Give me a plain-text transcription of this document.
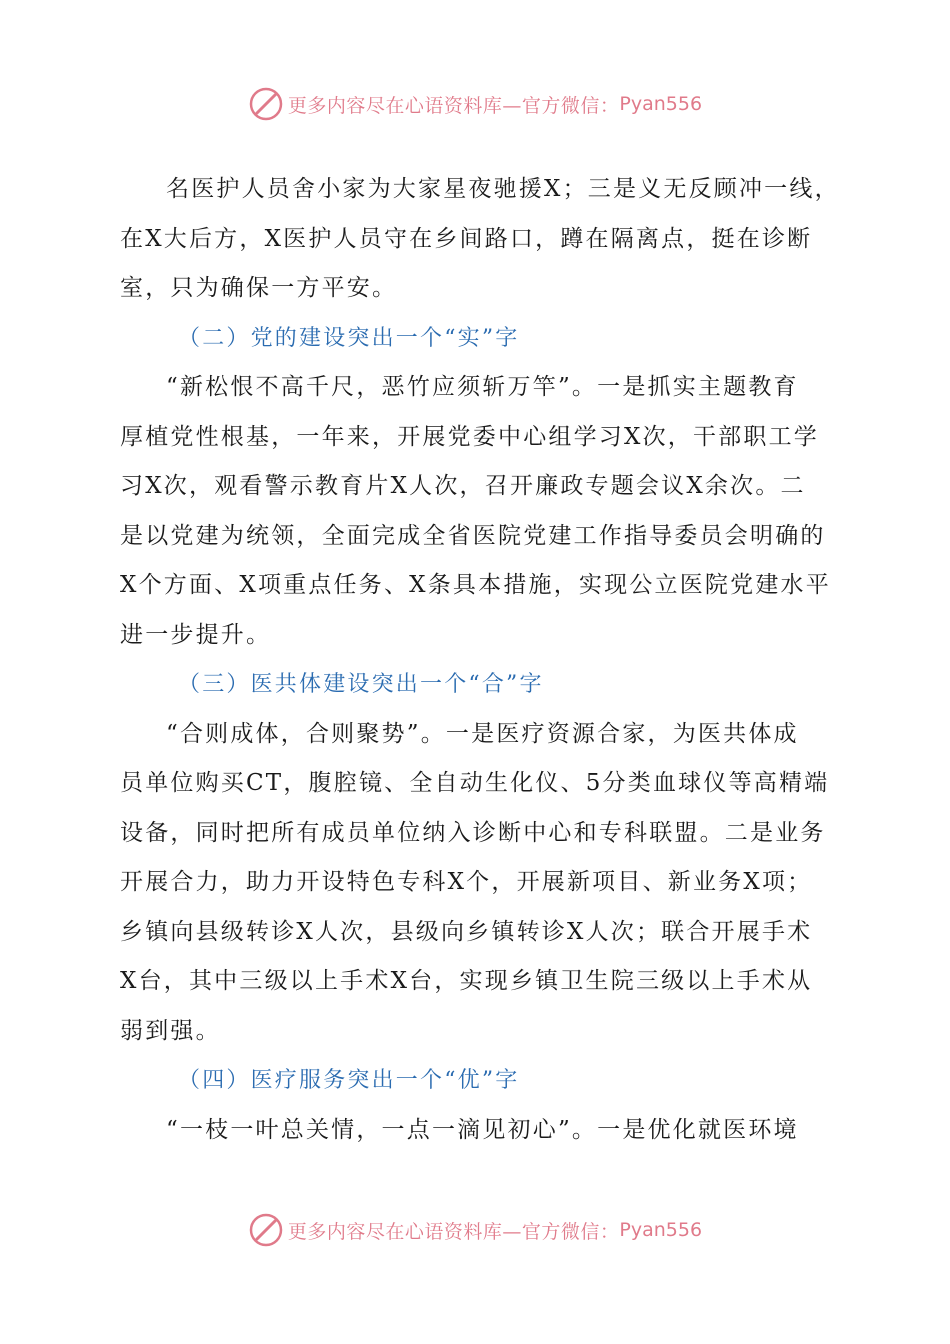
更多内容尽在心语资料库—官方微信： Pyan556

名医护人员舍小家为大家星夜驰援X；三是义无反顾冲一线，
在X大后方，X医护人员守在乡间路口，蹲在隔离点，挺在诊断
室，只为确保一方平安。

（二）党的建设突出一个“实”字

“新松恨不高千尺，恶竹应须斩万竿”。一是抓实主题教育
厚植党性根基，一年来，开展党委中心组学习X次，干部职工学
习X次，观看警示教育片X人次，召开廉政专题会议X余次。二
是以党建为统领，全面完成全省医院党建工作指导委员会明确的
X个方面、X项重点任务、X条具本措施，实现公立医院党建水平
进一步提升。

（三）医共体建设突出一个“合”字

“合则成体，合则聚势”。一是医疗资源合家，为医共体成
员单位购买CT，腹腔镜、全自动生化仪、5分类血球仪等高精端
设备，同时把所有成员单位纳入诊断中心和专科联盟。二是业务
开展合力，助力开设特色专科X个，开展新项目、新业务X项；
乡镇向县级转诊X人次，县级向乡镇转诊X人次；联合开展手术
X台，其中三级以上手术X台，实现乡镇卫生院三级以上手术从
弱到强。

（四）医疗服务突出一个“优”字

“一枝一叶总关情，一点一滴见初心”。一是优化就医环境

更多内容尽在心语资料库—官方微信： Pyan556
